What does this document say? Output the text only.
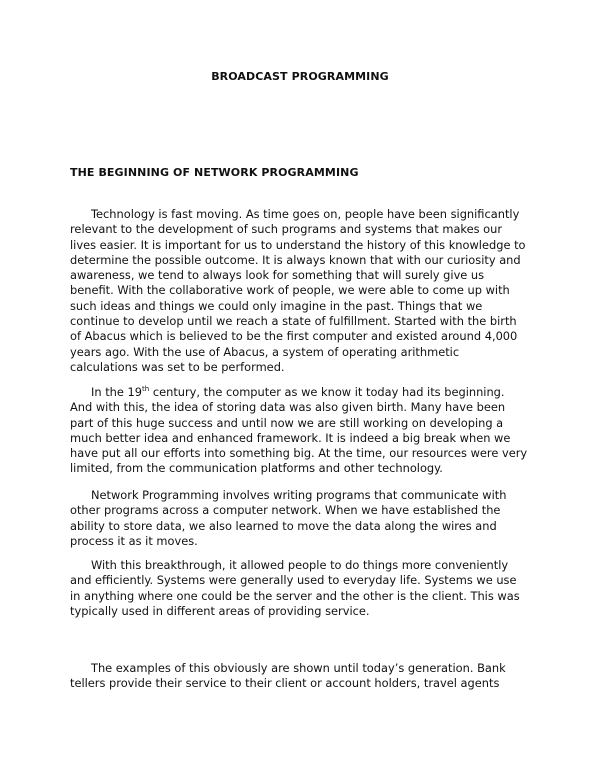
BROADCAST PROGRAMMING
THE BEGINNING OF NETWORK PROGRAMMING

Technology is fast moving. As time goes on, people have been significantly relevant to the development of such programs and systems that makes our lives easier. It is important for us to understand the history of this knowledge to determine the possible outcome. It is always known that with our curiosity and awareness, we tend to always look for something that will surely give us benefit. With the collaborative work of people, we were able to come up with such ideas and things we could only imagine in the past. Things that we continue to develop until we reach a state of fulfillment. Started with the birth of Abacus which is believed to be the first computer and existed around 4,000 years ago. With the use of Abacus, a system of operating arithmetic calculations was set to be performed.

In the 19th century, the computer as we know it today had its beginning. And with this, the idea of storing data was also given birth. Many have been part of this huge success and until now we are still working on developing a much better idea and enhanced framework. It is indeed a big break when we have put all our efforts into something big. At the time, our resources were very limited, from the communication platforms and other technology.

Network Programming involves writing programs that communicate with other programs across a computer network. When we have established the ability to store data, we also learned to move the data along the wires and process it as it moves.

With this breakthrough, it allowed people to do things more conveniently and efficiently. Systems were generally used to everyday life. Systems we use in anything where one could be the server and the other is the client. This was typically used in different areas of providing service.

The examples of this obviously are shown until today’s generation. Bank tellers provide their service to their client or account holders, travel agents
